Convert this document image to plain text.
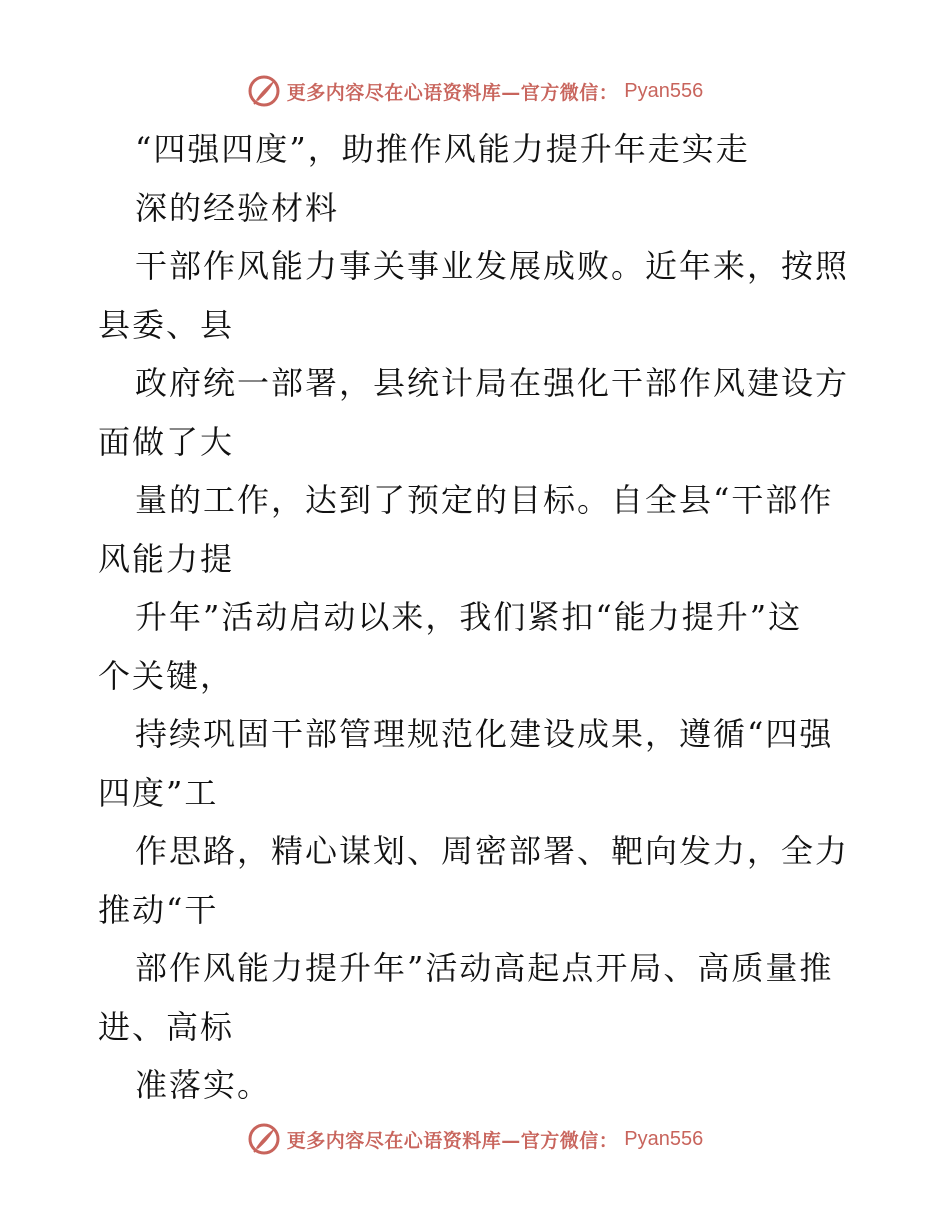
更多内容尽在心语资料库—官方微信： Pyan556
“四强四度”，助推作风能力提升年走实走
深的经验材料
干部作风能力事关事业发展成败。近年来，按照
县委、县
政府统一部署，县统计局在强化干部作风建设方
面做了大
量的工作，达到了预定的目标。自全县“干部作
风能力提
升年”活动启动以来，我们紧扣“能力提升”这
个关键，
持续巩固干部管理规范化建设成果，遵循“四强
四度”工
作思路，精心谋划、周密部署、靶向发力，全力
推动“干
部作风能力提升年”活动高起点开局、高质量推
进、高标
准落实。
更多内容尽在心语资料库—官方微信： Pyan556
